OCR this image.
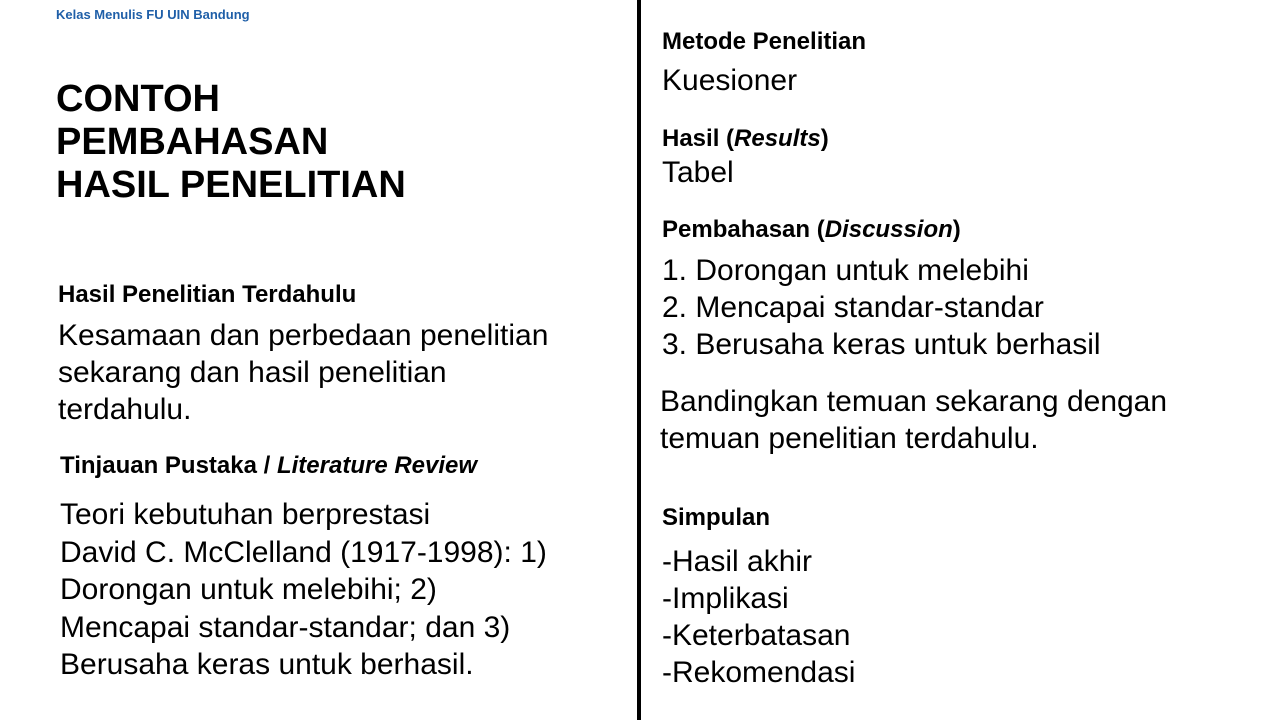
Kelas Menulis FU UIN Bandung
CONTOH
PEMBAHASAN
HASIL PENELITIAN
Hasil Penelitian Terdahulu
Kesamaan dan perbedaan penelitian
sekarang dan hasil penelitian
terdahulu.
Tinjauan Pustaka / Literature Review
Teori kebutuhan berprestasi
David C. McClelland (1917-1998): 1)
Dorongan untuk melebihi; 2)
Mencapai standar-standar; dan 3)
Berusaha keras untuk berhasil.
Metode Penelitian
Kuesioner
Hasil (Results)
Tabel
Pembahasan (Discussion)
1. Dorongan untuk melebihi
2. Mencapai standar-standar
3. Berusaha keras untuk berhasil
Bandingkan temuan sekarang dengan
temuan penelitian terdahulu.
Simpulan
-Hasil akhir
-Implikasi
-Keterbatasan
-Rekomendasi
